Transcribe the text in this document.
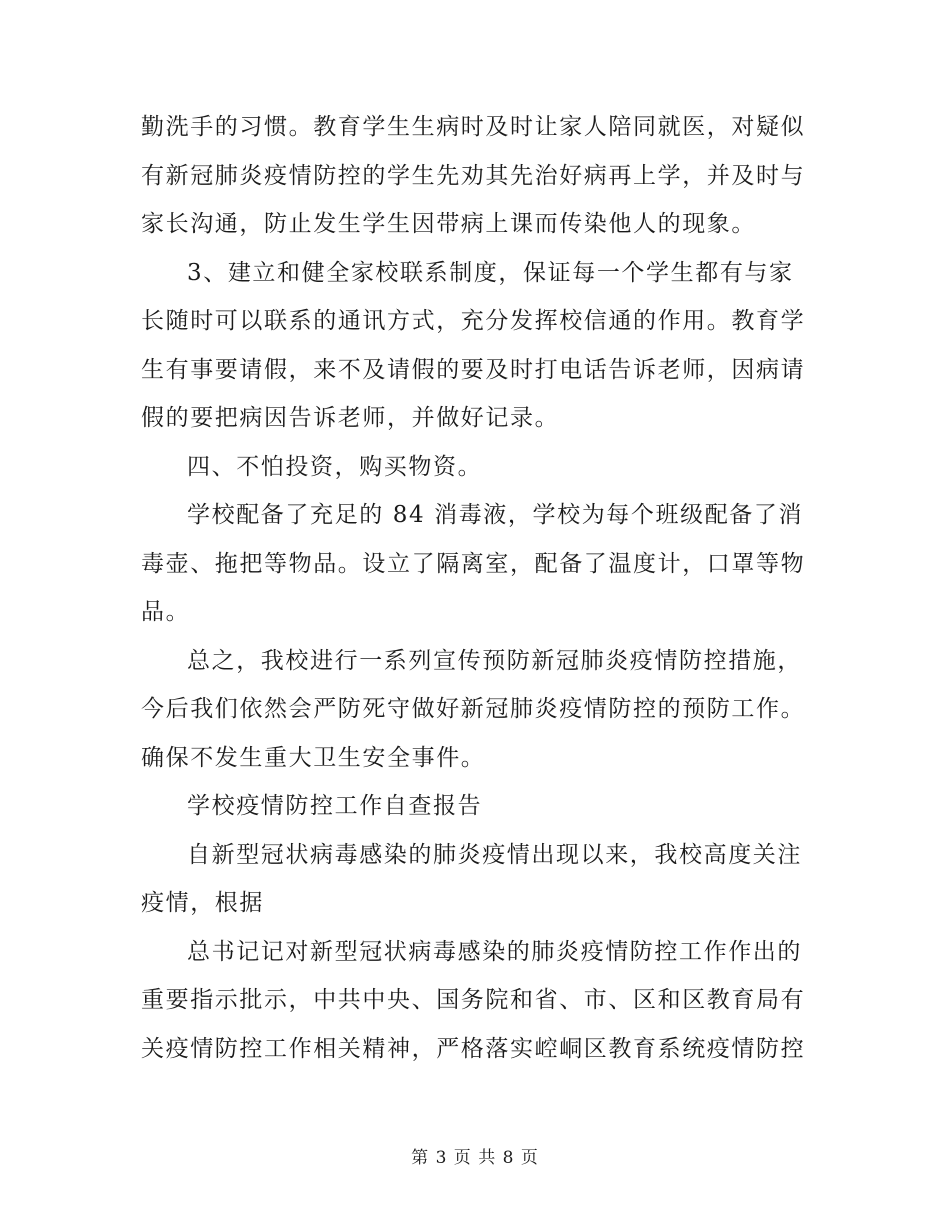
勤洗手的习惯。教育学生生病时及时让家人陪同就医，对疑似
有新冠肺炎疫情防控的学生先劝其先治好病再上学，并及时与
家长沟通，防止发生学生因带病上课而传染他人的现象。
3、建立和健全家校联系制度，保证每一个学生都有与家
长随时可以联系的通讯方式，充分发挥校信通的作用。教育学
生有事要请假，来不及请假的要及时打电话告诉老师，因病请
假的要把病因告诉老师，并做好记录。
四、不怕投资，购买物资。
学校配备了充足的 84 消毒液，学校为每个班级配备了消
毒壶、拖把等物品。设立了隔离室，配备了温度计，口罩等物
品。
总之，我校进行一系列宣传预防新冠肺炎疫情防控措施，
今后我们依然会严防死守做好新冠肺炎疫情防控的预防工作。
确保不发生重大卫生安全事件。
学校疫情防控工作自查报告
自新型冠状病毒感染的肺炎疫情出现以来，我校高度关注
疫情，根据
总书记记对新型冠状病毒感染的肺炎疫情防控工作作出的
重要指示批示，中共中央、国务院和省、市、区和区教育局有
关疫情防控工作相关精神，严格落实崆峒区教育系统疫情防控
第 3 页 共 8 页
